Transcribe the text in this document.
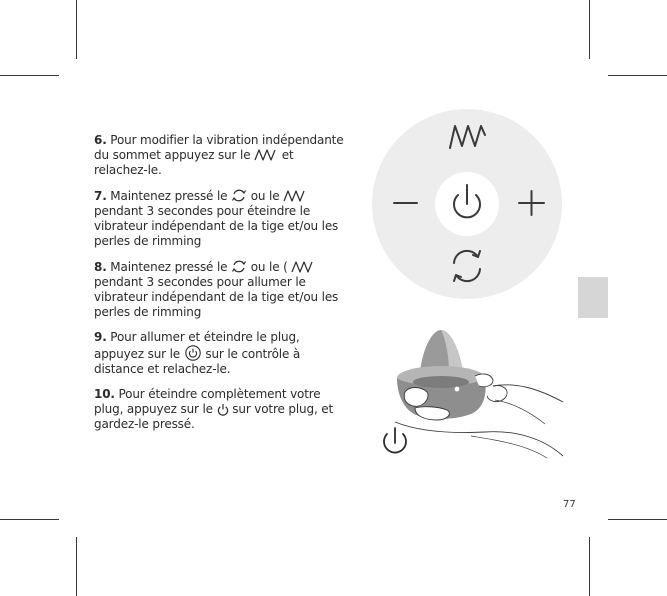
6. Pour modifier la vibration indépendante du sommet appuyez sur le  et relachez-le.

7. Maintenez pressé le  ou le  pendant 3 secondes pour éteindre le vibrateur indépendant de la tige et/ou les perles de rimming

8. Maintenez pressé le  ou le (  pendant 3 secondes pour allumer le vibrateur indépendant de la tige et/ou les perles de rimming

9. Pour allumer et éteindre le plug, appuyez sur le  sur le contrôle à distance et relachez-le.

10. Pour éteindre complètement votre plug, appuyez sur le  sur votre plug, et gardez-le pressé.

77
